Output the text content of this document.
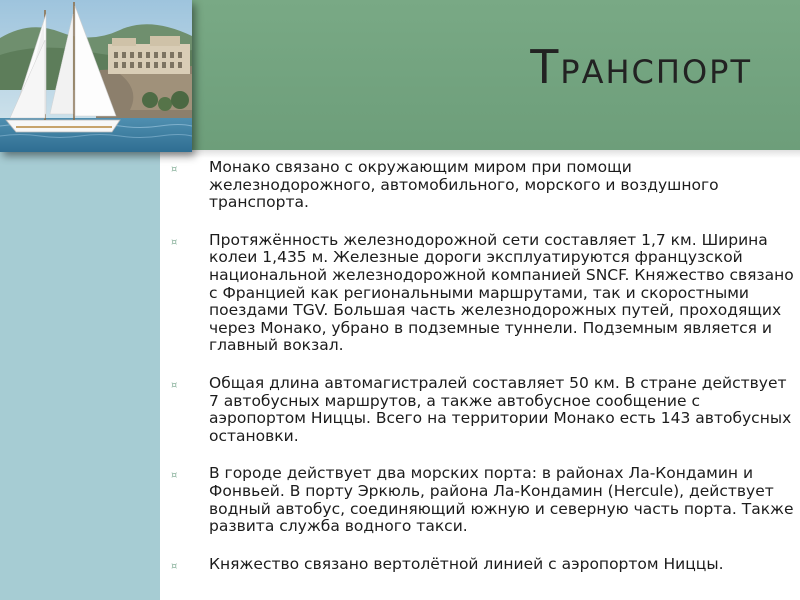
Транспорт
¤ Монако связано с окружающим миром при помощи железнодорожного, автомобильного, морского и воздушного транспорта.
¤ Протяжённость железнодорожной сети составляет 1,7 км. Ширина колеи 1,435 м. Железные дороги эксплуатируются французской национальной железнодорожной компанией SNCF. Княжество связано с Францией как региональными маршрутами, так и скоростными поездами TGV. Большая часть железнодорожных путей, проходящих через Монако, убрано в подземные туннели. Подземным является и главный вокзал.
¤ Общая длина автомагистралей составляет 50 км. В стране действует 7 автобусных маршрутов, а также автобусное сообщение с аэропортом Ниццы. Всего на территории Монако есть 143 автобусных остановки.
¤ В городе действует два морских порта: в районах Ла-Кондамин и Фонвьей. В порту Эркюль, района Ла-Кондамин (Hercule), действует водный автобус, соединяющий южную и северную часть порта. Также развита служба водного такси.
¤ Княжество связано вертолётной линией с аэропортом Ниццы.
